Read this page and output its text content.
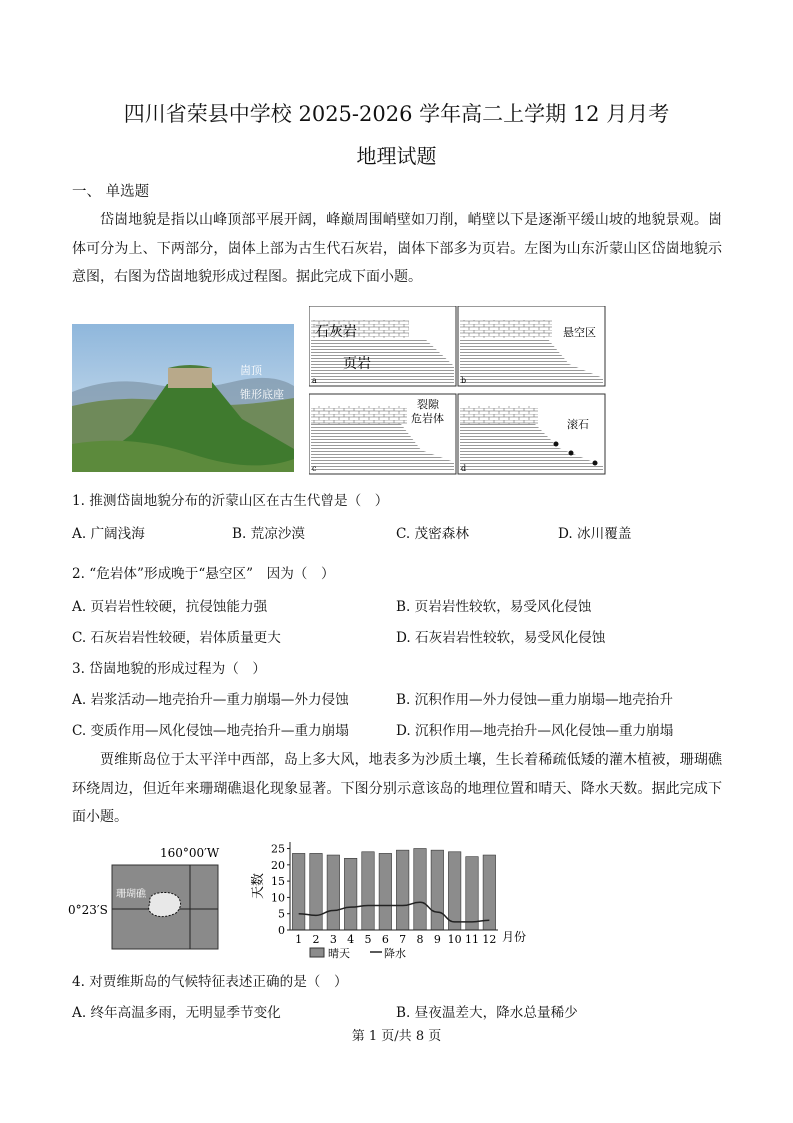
四川省荣县中学校 2025-2026 学年高二上学期 12 月月考
地理试题
一、 单选题
岱崮地貌是指以山峰顶部平展开阔，峰巅周围峭壁如刀削，峭壁以下是逐渐平缓山坡的地貌景观。崮体可分为上、下两部分，崮体上部为古生代石灰岩，崮体下部多为页岩。左图为山东沂蒙山区岱崮地貌示意图，右图为岱崮地貌形成过程图。据此完成下面小题。
崮顶
锥形底座
石灰岩
页岩
a
悬空区
b
裂隙
危岩体
c
滚石
d
1. 推测岱崮地貌分布的沂蒙山区在古生代曾是（　）
A. 广阔浅海	B. 荒凉沙漠	C. 茂密森林	D. 冰川覆盖
2. “危岩体”形成晚于“悬空区”　因为（　）
A. 页岩岩性较硬，抗侵蚀能力强	B. 页岩岩性较软，易受风化侵蚀
C. 石灰岩岩性较硬，岩体质量更大	D. 石灰岩岩性较软，易受风化侵蚀
3. 岱崮地貌的形成过程为（　）
A. 岩浆活动—地壳抬升—重力崩塌—外力侵蚀	B. 沉积作用—外力侵蚀—重力崩塌—地壳抬升
C. 变质作用—风化侵蚀—地壳抬升—重力崩塌	D. 沉积作用—地壳抬升—风化侵蚀—重力崩塌
贾维斯岛位于太平洋中西部，岛上多大风，地表多为沙质土壤，生长着稀疏低矮的灌木植被，珊瑚礁环绕周边，但近年来珊瑚礁退化现象显著。下图分别示意该岛的地理位置和晴天、降水天数。据此完成下面小题。
160°00′W
0°23′S
珊瑚礁	天数
月份
0
5
10
15
20
25
1 2 3 4 5 6 7 8 9 10 11 12
晴天	降水
4. 对贾维斯岛的气候特征表述正确的是（　）
A. 终年高温多雨，无明显季节变化	B. 昼夜温差大，降水总量稀少
第 1 页/共 8 页
